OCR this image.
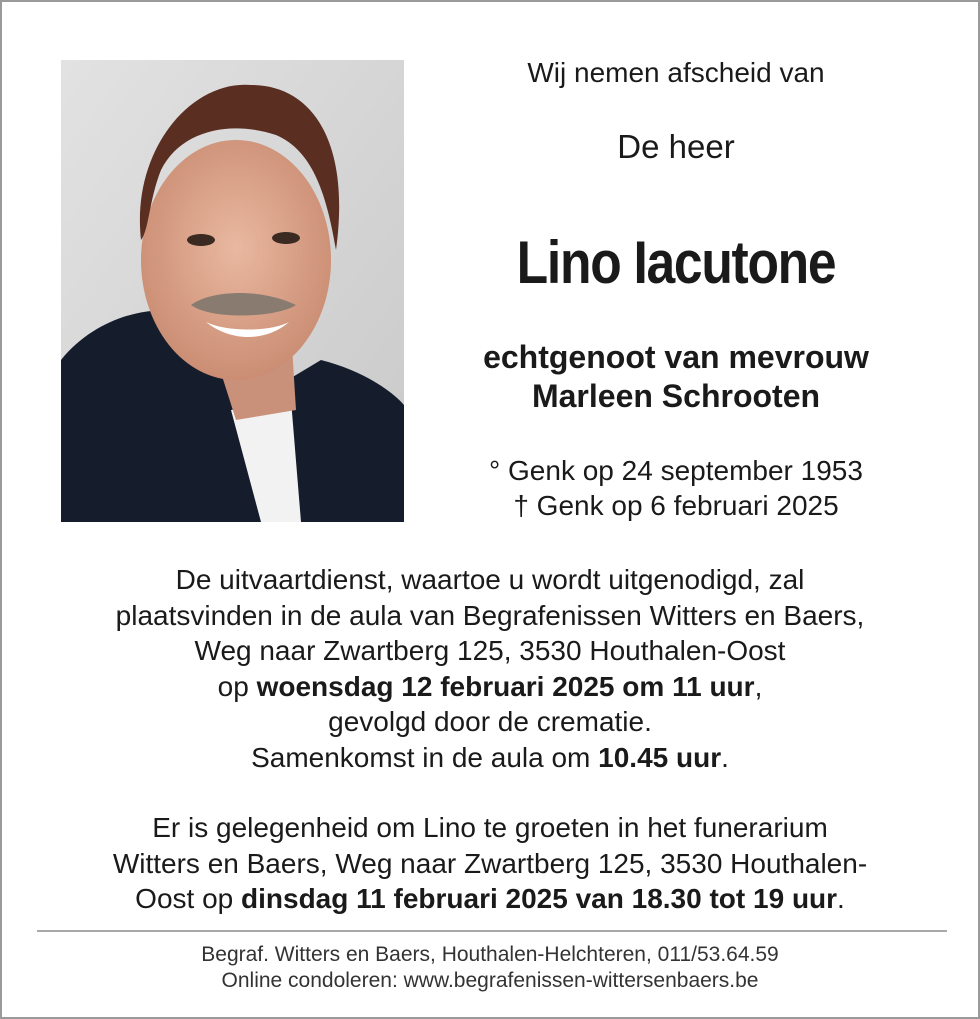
Wij nemen afscheid van
De heer
Lino Iacutone
echtgenoot van mevrouw
Marleen Schrooten
° Genk op 24 september 1953
† Genk op 6 februari 2025

De uitvaartdienst, waartoe u wordt uitgenodigd, zal

plaatsvinden in de aula van Begrafenissen Witters en Baers,

Weg naar Zwartberg 125, 3530 Houthalen-Oost

op woensdag 12 februari 2025 om 11 uur,

gevolgd door de crematie.

Samenkomst in de aula om 10.45 uur.

Er is gelegenheid om Lino te groeten in het funerarium

Witters en Baers, Weg naar Zwartberg 125, 3530 Houthalen-

Oost op dinsdag 11 februari 2025 van 18.30 tot 19 uur.

Begraf. Witters en Baers, Houthalen-Helchteren, 011/53.64.59
Online condoleren: www.begrafenissen-wittersenbaers.be
